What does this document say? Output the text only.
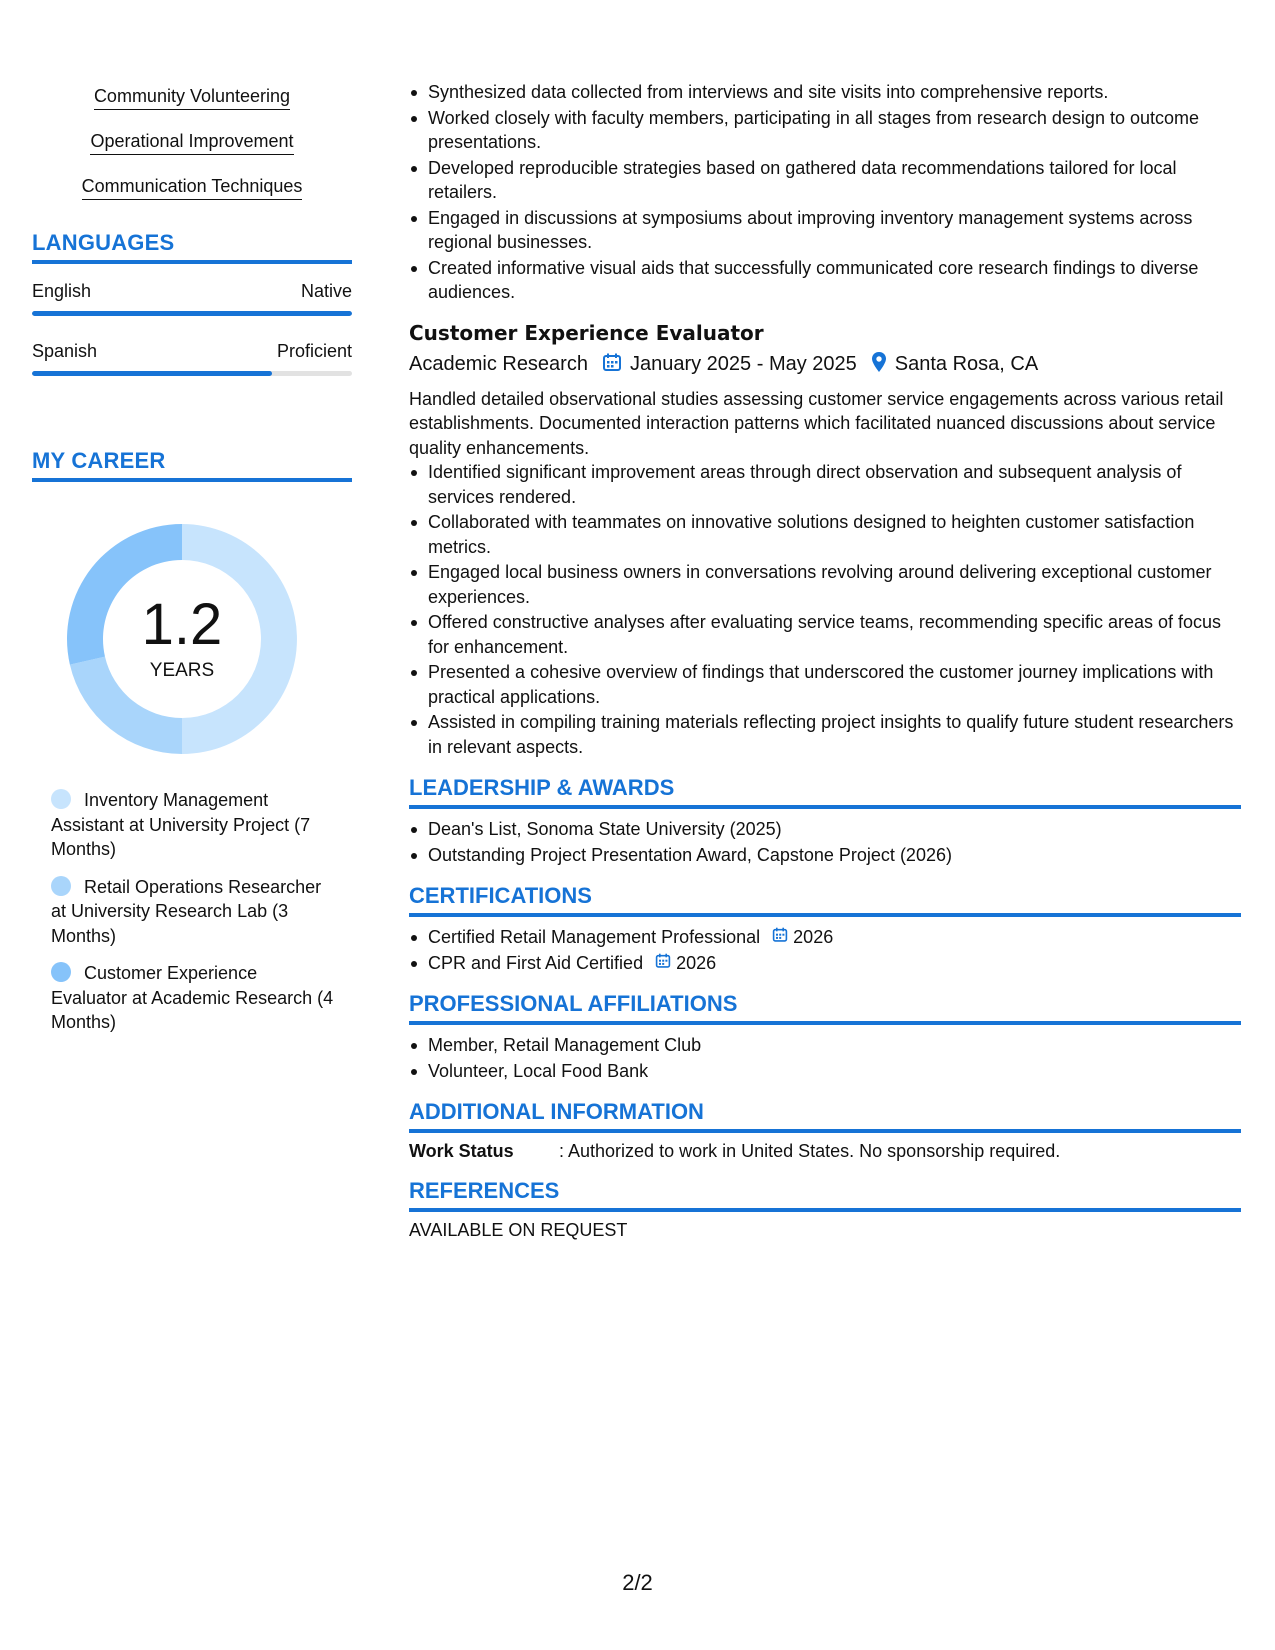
Community Volunteering
Operational Improvement
Communication Techniques
LANGUAGES
English	Native
Spanish	Proficient
MY CAREER
1.2
YEARS
Inventory Management Assistant at University Project (7 Months)
Retail Operations Researcher at University Research Lab (3 Months)
Customer Experience Evaluator at Academic Research (4 Months)
Synthesized data collected from interviews and site visits into comprehensive reports.
Worked closely with faculty members, participating in all stages from research design to outcome presentations.
Developed reproducible strategies based on gathered data recommendations tailored for local retailers.
Engaged in discussions at symposiums about improving inventory management systems across regional businesses.
Created informative visual aids that successfully communicated core research findings to diverse audiences.
Customer Experience Evaluator
Academic Research January 2025 - May 2025 Santa Rosa, CA
Handled detailed observational studies assessing customer service engagements across various retail establishments. Documented interaction patterns which facilitated nuanced discussions about service quality enhancements.
Identified significant improvement areas through direct observation and subsequent analysis of services rendered.
Collaborated with teammates on innovative solutions designed to heighten customer satisfaction metrics.
Engaged local business owners in conversations revolving around delivering exceptional customer experiences.
Offered constructive analyses after evaluating service teams, recommending specific areas of focus for enhancement.
Presented a cohesive overview of findings that underscored the customer journey implications with practical applications.
Assisted in compiling training materials reflecting project insights to qualify future student researchers in relevant aspects.
LEADERSHIP & AWARDS
Dean's List, Sonoma State University (2025)
Outstanding Project Presentation Award, Capstone Project (2026)
CERTIFICATIONS
Certified Retail Management Professional 2026
CPR and First Aid Certified 2026
PROFESSIONAL AFFILIATIONS
Member, Retail Management Club
Volunteer, Local Food Bank
ADDITIONAL INFORMATION
Work Status	: Authorized to work in United States. No sponsorship required.
REFERENCES
AVAILABLE ON REQUEST
2/2
